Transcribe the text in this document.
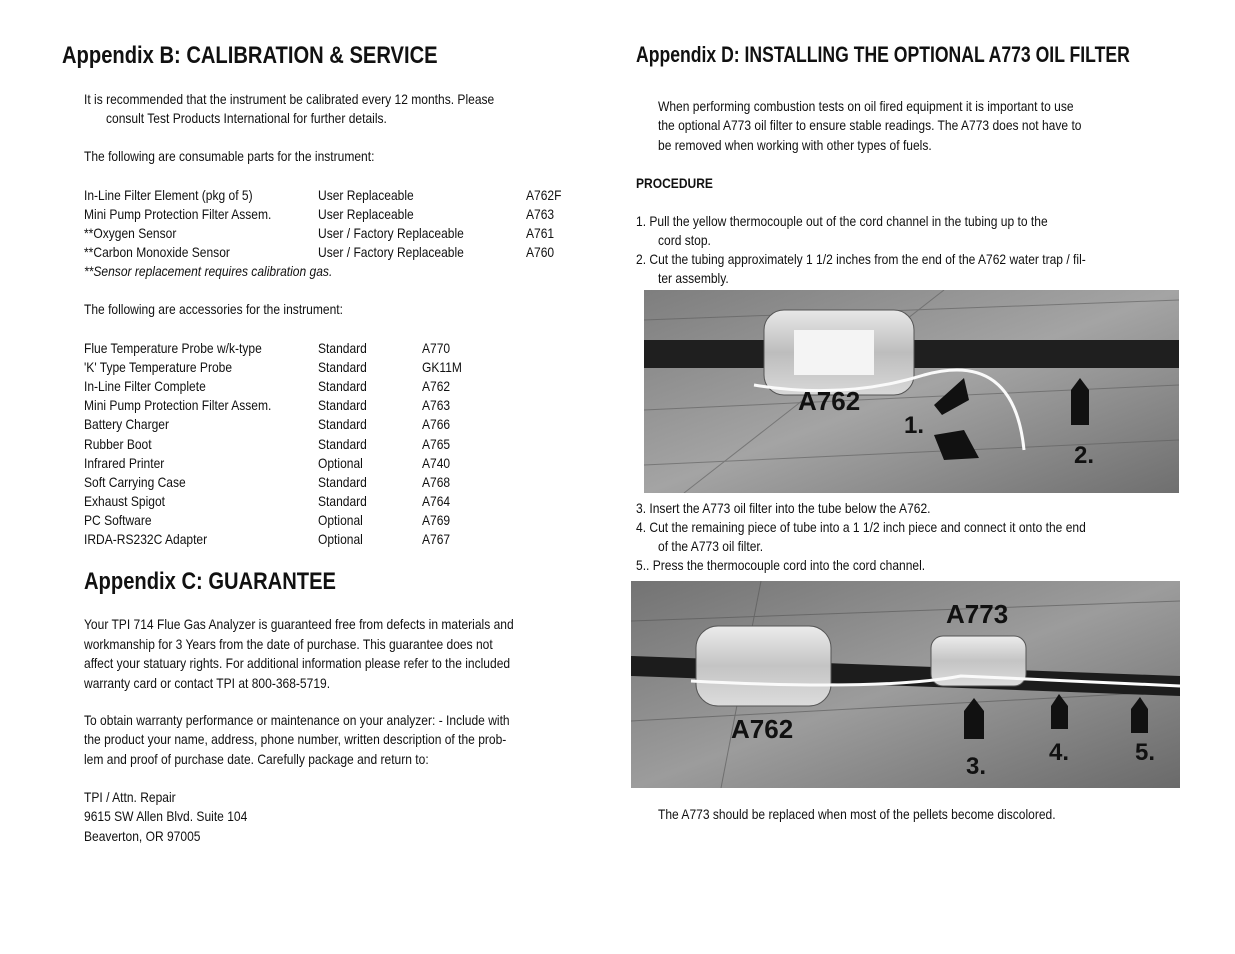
Appendix B: CALIBRATION & SERVICE
It is recommended that the instrument be calibrated every 12 months. Please
consult Test Products International for further details.
The following are consumable parts for the instrument:
In-Line Filter Element (pkg of 5)	User Replaceable	A762F
Mini Pump Protection Filter Assem.	User Replaceable	A763
**Oxygen Sensor	User / Factory Replaceable	A761
**Carbon Monoxide Sensor	User / Factory Replaceable	A760
**Sensor replacement requires calibration gas.
The following are accessories for the instrument:
Flue Temperature Probe w/k-type	Standard	A770
'K' Type Temperature Probe	Standard	GK11M
In-Line Filter Complete	Standard	A762
Mini Pump Protection Filter Assem.	Standard	A763
Battery Charger	Standard	A766
Rubber Boot	Standard	A765
Infrared Printer	Optional	A740
Soft Carrying Case	Standard	A768
Exhaust Spigot	Standard	A764
PC Software	Optional	A769
IRDA-RS232C Adapter	Optional	A767
Appendix C: GUARANTEE
Your TPI 714 Flue Gas Analyzer is guaranteed free from defects in materials and
workmanship for 3 Years from the date of purchase. This guarantee does not
affect your statuary rights. For additional information please refer to the included
warranty card or contact TPI at 800-368-5719.
To obtain warranty performance or maintenance on your analyzer: - Include with
the product your name, address, phone number, written description of the prob-
lem and proof of purchase date. Carefully package and return to:
TPI / Attn. Repair
9615 SW Allen Blvd. Suite 104
Beaverton, OR 97005
Appendix D: INSTALLING THE OPTIONAL A773 OIL FILTER
When performing combustion tests on oil fired equipment it is important to use
the optional A773 oil filter to ensure stable readings. The A773 does not have to
be removed when working with other types of fuels.
PROCEDURE
1. Pull the yellow thermocouple out of the cord channel in the tubing up to the
cord stop.
2. Cut the tubing approximately 1 1/2 inches from the end of the A762 water trap / fil-
ter assembly.
A762
1.
2.
3. Insert the A773 oil filter into the tube below the A762.
4. Cut the remaining piece of tube into a 1 1/2 inch piece and connect it onto the end
of the A773 oil filter.
5.. Press the thermocouple cord into the cord channel.
A773
A762
3.
4.	5.
The A773 should be replaced when most of the pellets become discolored.
